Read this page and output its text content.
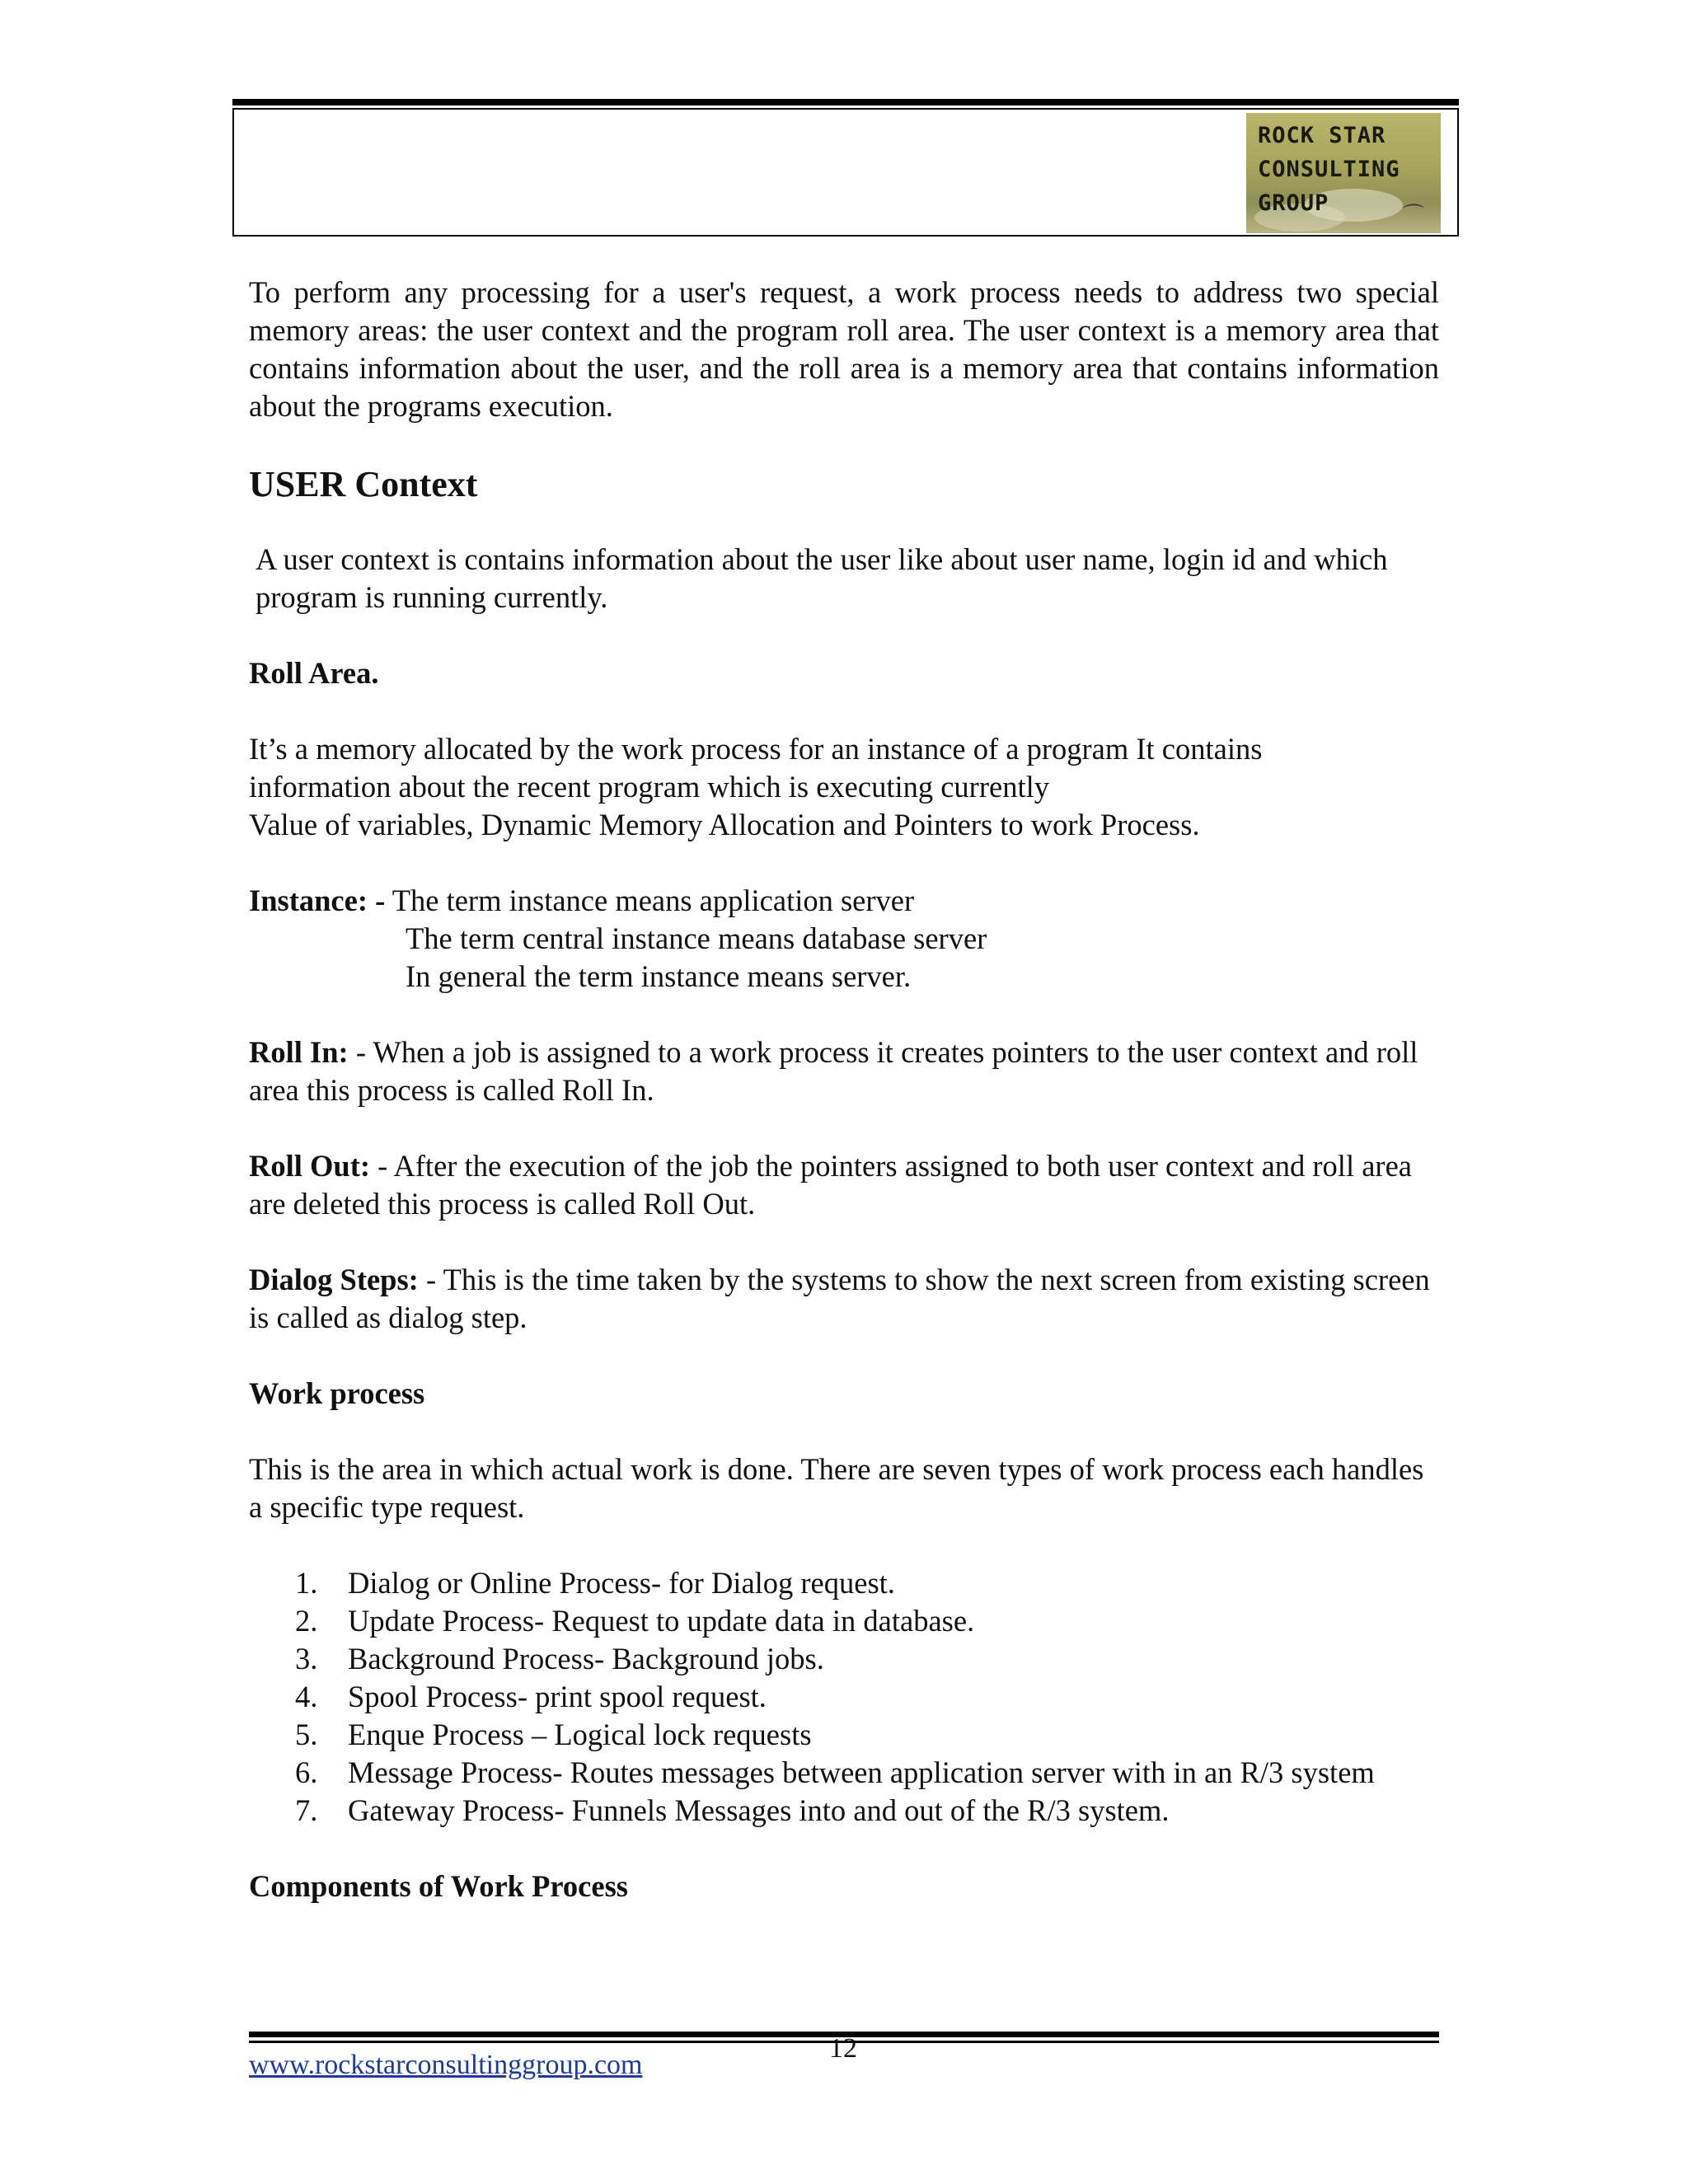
⌒
ROCK STAR
CONSULTING
GROUP

To perform any processing for a user's request, a work process needs to address two special memory areas: the user context and the program roll area. The user context is a memory area that contains information about the user, and the roll area is a memory area that contains information about the programs execution.

USER Context

A user context is contains information about the user like about user name, login id and which program is running currently.

Roll Area.
It’s a memory allocated by the work process for an instance of a program It contains
information about the recent program which is executing currently
Value of variables, Dynamic Memory Allocation and Pointers to work Process.
Instance: - The term instance means application server
The term central instance means database server
In general the term instance means server.

Roll In: - When a job is assigned to a work process it creates pointers to the user context and roll area this process is called Roll In.

Roll Out: - After the execution of the job the pointers assigned to both user context and roll area are deleted this process is called Roll Out.

Dialog Steps: - This is the time taken by the systems to show the next screen from existing screen is called as dialog step.

Work process

This is the area in which actual work is done. There are seven types of work process each handles a specific type request.

1. Dialog or Online Process- for Dialog request.
2. Update Process- Request to update data in database.
3. Background Process- Background jobs.
4. Spool Process- print spool request.
5. Enque Process – Logical lock requests
6. Message Process- Routes messages between application server with in an R/3 system
7. Gateway Process- Funnels Messages into and out of the R/3 system.
Components of Work Process
12
www.rockstarconsultinggroup.com
